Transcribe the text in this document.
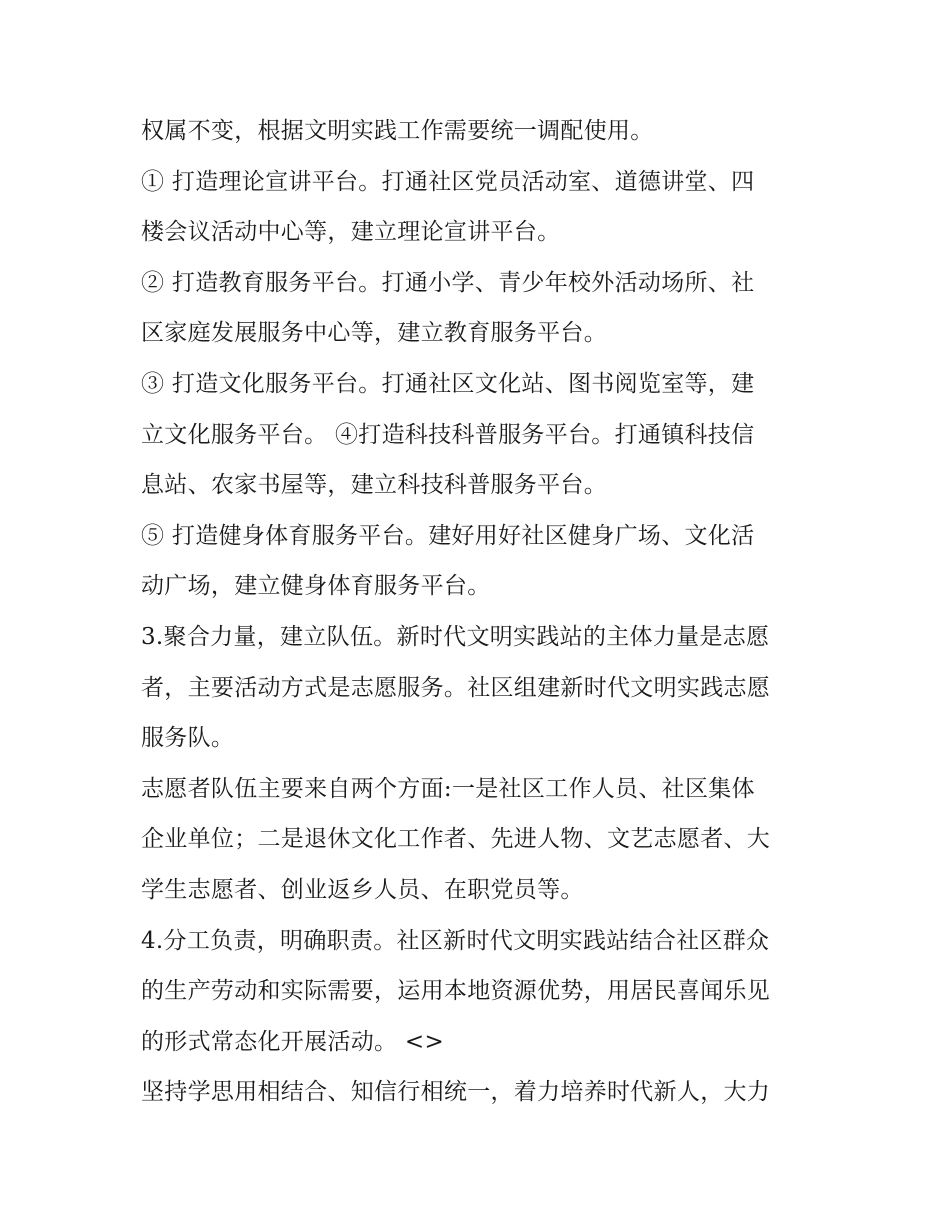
权属不变，根据文明实践工作需要统一调配使用。
① 打造理论宣讲平台。打通社区党员活动室、道德讲堂、四
楼会议活动中心等，建立理论宣讲平台。
② 打造教育服务平台。打通小学、青少年校外活动场所、社
区家庭发展服务中心等，建立教育服务平台。
③ 打造文化服务平台。打通社区文化站、图书阅览室等，建
立文化服务平台。 ④打造科技科普服务平台。打通镇科技信
息站、农家书屋等，建立科技科普服务平台。
⑤ 打造健身体育服务平台。建好用好社区健身广场、文化活
动广场，建立健身体育服务平台。
3.聚合力量，建立队伍。新时代文明实践站的主体力量是志愿
者，主要活动方式是志愿服务。社区组建新时代文明实践志愿
服务队。
志愿者队伍主要来自两个方面:一是社区工作人员、社区集体
企业单位；二是退休文化工作者、先进人物、文艺志愿者、大
学生志愿者、创业返乡人员、在职党员等。
4.分工负责，明确职责。社区新时代文明实践站结合社区群众
的生产劳动和实际需要，运用本地资源优势，用居民喜闻乐见
的形式常态化开展活动。 <>
坚持学思用相结合、知信行相统一，着力培养时代新人，大力
